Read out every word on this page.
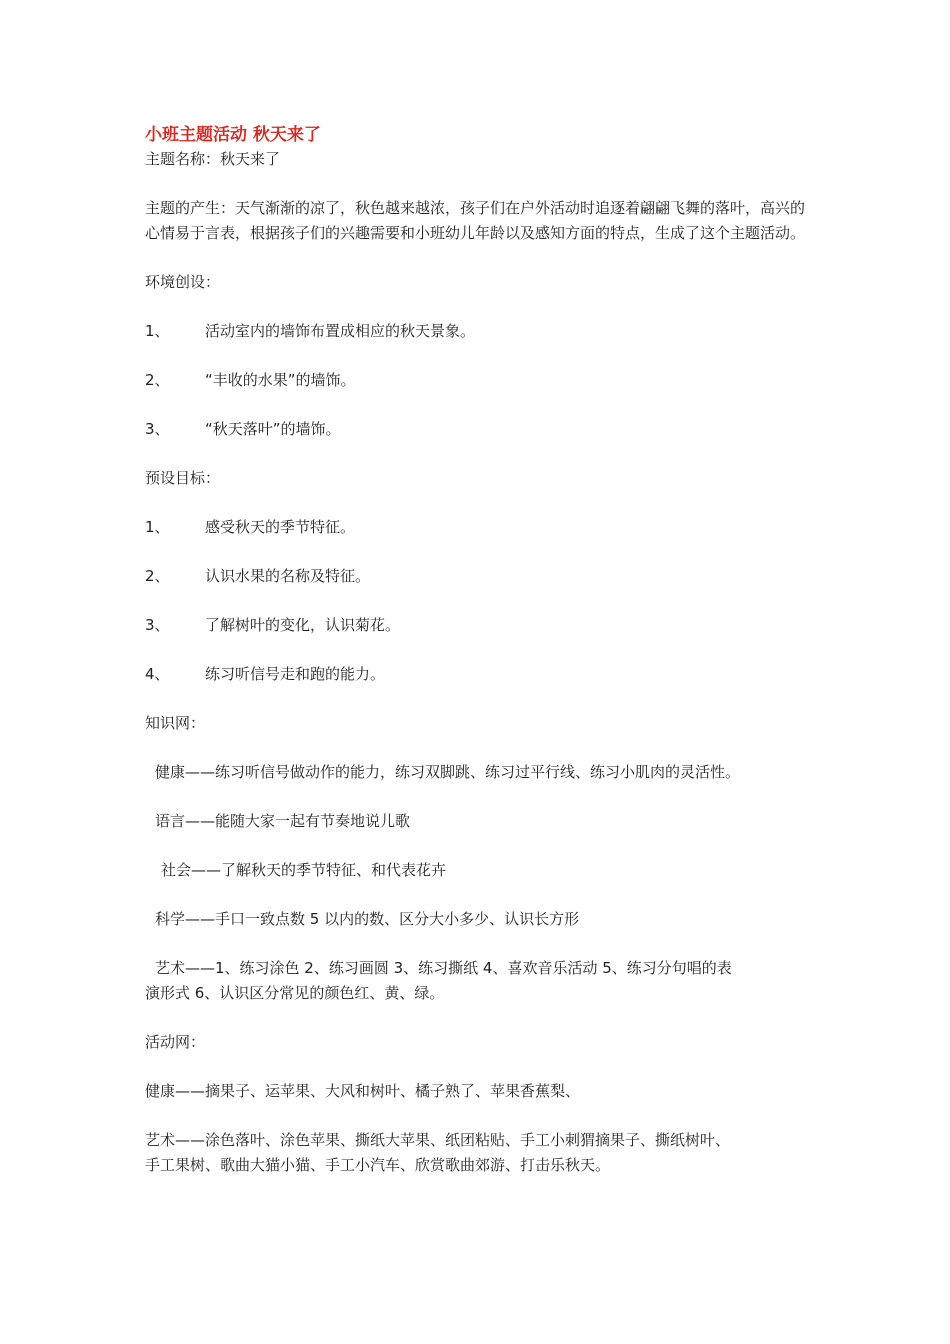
小班主题活动 秋天来了

主题名称：秋天来了

主题的产生：天气渐渐的凉了，秋色越来越浓，孩子们在户外活动时追逐着翩翩飞舞的落叶，高兴的心情易于言表，根据孩子们的兴趣需要和小班幼儿年龄以及感知方面的特点，生成了这个主题活动。

环境创设：

1、	活动室内的墙饰布置成相应的秋天景象。
2、	“丰收的水果”的墙饰。
3、	“秋天落叶”的墙饰。

预设目标：

1、	感受秋天的季节特征。
2、	认识水果的名称及特征。
3、	了解树叶的变化，认识菊花。
4、	练习听信号走和跑的能力。

知识网：

健康——练习听信号做动作的能力，练习双脚跳、练习过平行线、练习小肌肉的灵活性。

语言——能随大家一起有节奏地说儿歌

社会——了解秋天的季节特征、和代表花卉

科学——手口一致点数 5 以内的数、区分大小多少、认识长方形

艺术——1、练习涂色 2、练习画圆 3、练习撕纸 4、喜欢音乐活动 5、练习分句唱的表

演形式 6、认识区分常见的颜色红、黄、绿。

活动网：

健康——摘果子、运苹果、大风和树叶、橘子熟了、苹果香蕉梨、

艺术——涂色落叶、涂色苹果、撕纸大苹果、纸团粘贴、手工小刺猬摘果子、撕纸树叶、

手工果树、歌曲大猫小猫、手工小汽车、欣赏歌曲郊游、打击乐秋天。
